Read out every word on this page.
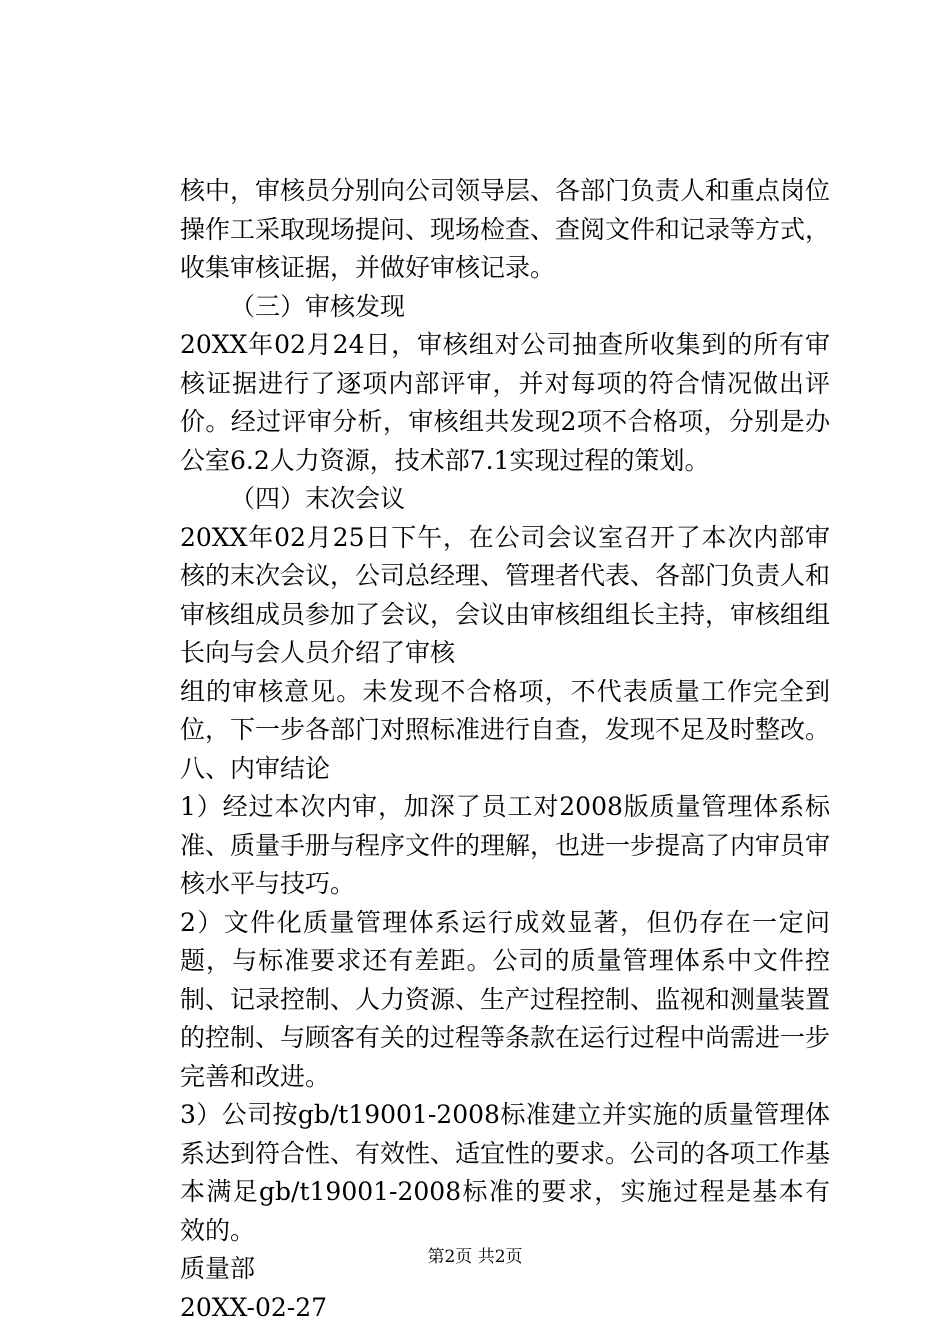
核中，审核员分别向公司领导层、各部门负责人和重点岗位操作工采取现场提问、现场检查、查阅文件和记录等方式，收集审核证据，并做好审核记录。

（三）审核发现

20XX年02月24日，审核组对公司抽查所收集到的所有审核证据进行了逐项内部评审，并对每项的符合情况做出评价。经过评审分析，审核组共发现2项不合格项，分别是办公室6.2人力资源，技术部7.1实现过程的策划。

（四）末次会议

20XX年02月25日下午，在公司会议室召开了本次内部审核的末次会议，公司总经理、管理者代表、各部门负责人和审核组成员参加了会议，会议由审核组组长主持，审核组组长向与会人员介绍了审核

组的审核意见。未发现不合格项，不代表质量工作完全到位，下一步各部门对照标准进行自查，发现不足及时整改。

八、内审结论

1）经过本次内审，加深了员工对2008版质量管理体系标准、质量手册与程序文件的理解，也进一步提高了内审员审核水平与技巧。

2）文件化质量管理体系运行成效显著，但仍存在一定问题，与标准要求还有差距。公司的质量管理体系中文件控制、记录控制、人力资源、生产过程控制、监视和测量装置的控制、与顾客有关的过程等条款在运行过程中尚需进一步完善和改进。

3）公司按gb/t19001-2008标准建立并实施的质量管理体系达到符合性、有效性、适宜性的要求。公司的各项工作基本满足gb/t19001-2008标准的要求，实施过程是基本有效的。

质量部

20XX-02-27

第2页 共2页
